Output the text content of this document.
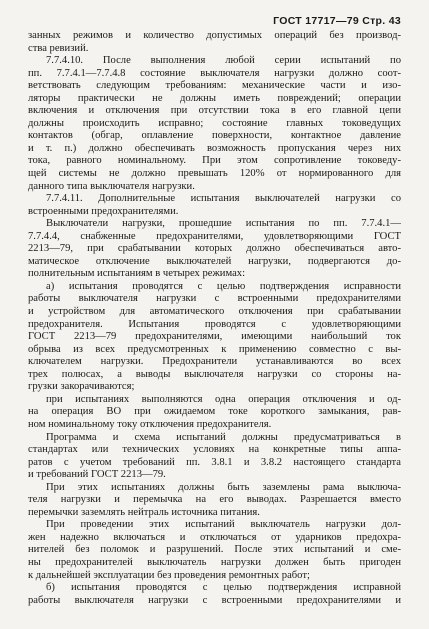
ГОСТ 17717—79 Стр. 43
занных режимов и количество допустимых операций без производ-
ства ревизий.
7.7.4.10. После выполнения любой серии испытаний по
пп. 7.7.4.1—7.7.4.8 состояние выключателя нагрузки должно соот-
ветствовать следующим требованиям: механические части и изо-
ляторы практически не должны иметь повреждений; операции
включения и отключения при отсутствии тока в его главной цепи
должны происходить исправно; состояние главных токоведущих
контактов (обгар, оплавление поверхности, контактное давление
и т. п.) должно обеспечивать возможность пропускания через них
тока, равного номинальному. При этом сопротивление токоведу-
щей системы не должно превышать 120% от нормированного для
данного типа выключателя нагрузки.
7.7.4.11. Дополнительные испытания выключателей нагрузки со
встроенными предохранителями.
Выключатели нагрузки, прошедшие испытания по пп. 7.7.4.1—
7.7.4.4, снабженные предохранителями, удовлетворяющими ГОСТ
2213—79, при срабатывании которых должно обеспечиваться авто-
матическое отключение выключателей нагрузки, подвергаются до-
полнительным испытаниям в четырех режимах:
а) испытания проводятся с целью подтверждения исправности
работы выключателя нагрузки с встроенными предохранителями
и устройством для автоматического отключения при срабатывании
предохранителя. Испытания проводятся с удовлетворяющими
ГОСТ 2213—79 предохранителями, имеющими наибольший ток
обрыва из всех предусмотренных к применению совместно с вы-
ключателем нагрузки. Предохранители устанавливаются во всех
трех полюсах, а выводы выключателя нагрузки со стороны на-
грузки закорачиваются;
при испытаниях выполняются одна операция отключения и од-
на операция ВО при ожидаемом токе короткого замыкания, рав-
ном номинальному току отключения предохранителя.
Программа и схема испытаний должны предусматриваться в
стандартах или технических условиях на конкретные типы аппа-
ратов с учетом требований пп. 3.8.1 и 3.8.2 настоящего стандарта
и требований ГОСТ 2213—79.
При этих испытаниях должны быть заземлены рама выключа-
теля нагрузки и перемычка на его выводах. Разрешается вместо
перемычки заземлять нейтраль источника питания.
При проведении этих испытаний выключатель нагрузки дол-
жен надежно включаться и отключаться от ударников предохра-
нителей без поломок и разрушений. После этих испытаний и сме-
ны предохранителей выключатель нагрузки должен быть пригоден
к дальнейшей эксплуатации без проведения ремонтных работ;
б) испытания проводятся с целью подтверждения исправной
работы выключателя нагрузки с встроенными предохранителями и
